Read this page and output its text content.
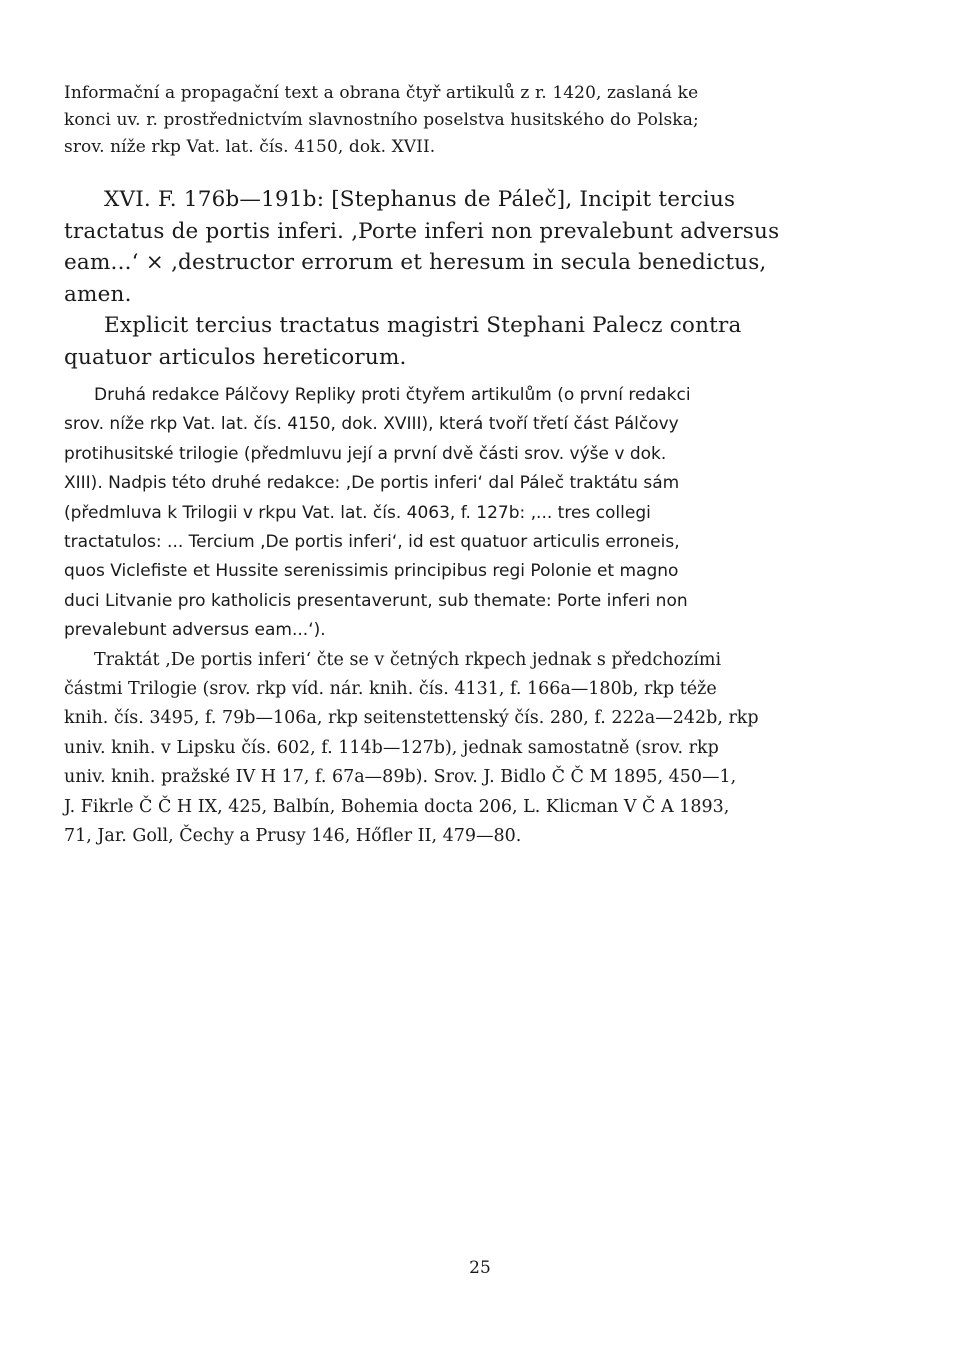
Informační a propagační text a obrana čtyř artikulů z r. 1420, zaslaná ke
konci uv. r. prostřednictvím slavnostního poselstva husitského do Polska;
srov. níže rkp Vat. lat. čís. 4150, dok. XVII.
XVI. F. 176b—191b: [Stephanus de Páleč], Incipit tercius
tractatus de portis inferi. ‚Porte inferi non prevalebunt adversus
eam...‘ × ‚destructor errorum et heresum in secula benedictus,
amen.
Explicit tercius tractatus magistri Stephani Palecz contra
quatuor articulos hereticorum.
Druhá redakce Pálčovy Repliky proti čtyřem artikulům (o první redakci
srov. níže rkp Vat. lat. čís. 4150, dok. XVIII), která tvoří třetí část Pálčovy
protihusitské trilogie (předmluvu její a první dvě části srov. výše v dok.
XIII). Nadpis této druhé redakce: ‚De portis inferi‘ dal Páleč traktátu sám
(předmluva k Trilogii v rkpu Vat. lat. čís. 4063, f. 127b: ‚... tres collegi
tractatulos: ... Tercium ‚De portis inferi‘, id est quatuor articulis erroneis,
quos Viclefiste et Hussite serenissimis principibus regi Polonie et magno
duci Litvanie pro katholicis presentaverunt, sub themate: Porte inferi non
prevalebunt adversus eam...‘).
Traktát ‚De portis inferi‘ čte se v četných rkpech jednak s předchozími
částmi Trilogie (srov. rkp víd. nár. knih. čís. 4131, f. 166a—180b, rkp téže
knih. čís. 3495, f. 79b—106a, rkp seitenstettenský čís. 280, f. 222a—242b, rkp
univ. knih. v Lipsku čís. 602, f. 114b—127b), jednak samostatně (srov. rkp
univ. knih. pražské IV H 17, f. 67a—89b). Srov. J. Bidlo Č Č M 1895, 450—1,
J. Fikrle Č Č H IX, 425, Balbín, Bohemia docta 206, L. Klicman V Č A 1893,
71, Jar. Goll, Čechy a Prusy 146, Hőfler II, 479—80.
25
